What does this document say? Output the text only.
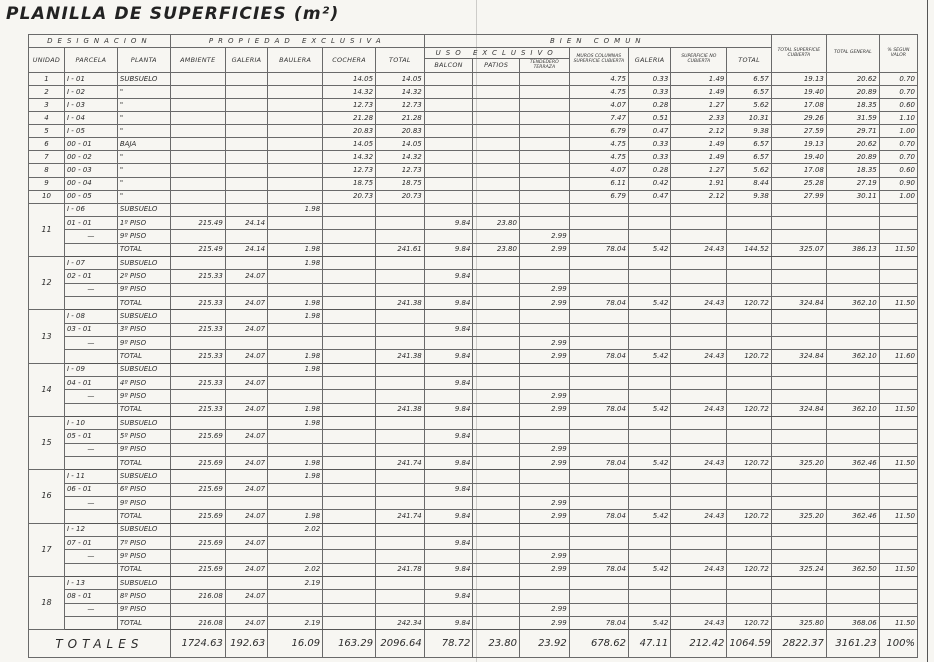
PLANILLA DE SUPERFICIES (m²)
DESIGNACION			PROPIEDAD EXCLUSIVA					BIEN COMUN							TOTAL SUPERFICIE CUBIERTA	TOTAL GENERAL	% SEGUN VALOR
UNIDAD	PARCELA	PLANTA	AMBIENTE	GALERIA	BAULERA	COCHERA	TOTAL	USO EXCLUSIVO			MUROS COLUMNAS SUPERFICIE CUBIERTA	GALERIA	SUPERFICIE NO CUBIERTA	TOTAL			
								BALCON	PATIOS	TENDEDERO TERRAZA							
1	I - 01	SUBSUELO				14.05	14.05				4.75	0.33	1.49	6.57	19.13	20.62	0.70
2	I - 02	"				14.32	14.32				4.75	0.33	1.49	6.57	19.40	20.89	0.70
3	I - 03	"				12.73	12.73				4.07	0.28	1.27	5.62	17.08	18.35	0.60
4	I - 04	"				21.28	21.28				7.47	0.51	2.33	10.31	29.26	31.59	1.10
5	I - 05	"				20.83	20.83				6.79	0.47	2.12	9.38	27.59	29.71	1.00
6	00 - 01	BAJA				14.05	14.05				4.75	0.33	1.49	6.57	19.13	20.62	0.70
7	00 - 02	"				14.32	14.32				4.75	0.33	1.49	6.57	19.40	20.89	0.70
8	00 - 03	"				12.73	12.73				4.07	0.28	1.27	5.62	17.08	18.35	0.60
9	00 - 04	"				18.75	18.75				6.11	0.42	1.91	8.44	25.28	27.19	0.90
10	00 - 05	"				20.73	20.73				6.79	0.47	2.12	9.38	27.99	30.11	1.00
11	I - 06	SUBSUELO			1.98												
	01 - 01	1º PISO	215.49	24.14				9.84	23.80								
	—	9º PISO								2.99							
		TOTAL	215.49	24.14	1.98		241.61	9.84	23.80	2.99	78.04	5.42	24.43	144.52	325.07	386.13	11.50
12	I - 07	SUBSUELO			1.98												
	02 - 01	2º PISO	215.33	24.07				9.84									
	—	9º PISO								2.99							
		TOTAL	215.33	24.07	1.98		241.38	9.84		2.99	78.04	5.42	24.43	120.72	324.84	362.10	11.50
13	I - 08	SUBSUELO			1.98												
	03 - 01	3º PISO	215.33	24.07				9.84									
	—	9º PISO								2.99							
		TOTAL	215.33	24.07	1.98		241.38	9.84		2.99	78.04	5.42	24.43	120.72	324.84	362.10	11.60
14	I - 09	SUBSUELO			1.98												
	04 - 01	4º PISO	215.33	24.07				9.84									
	—	9º PISO								2.99							
		TOTAL	215.33	24.07	1.98		241.38	9.84		2.99	78.04	5.42	24.43	120.72	324.84	362.10	11.50
15	I - 10	SUBSUELO			1.98												
	05 - 01	5º PISO	215.69	24.07				9.84									
	—	9º PISO								2.99							
		TOTAL	215.69	24.07	1.98		241.74	9.84		2.99	78.04	5.42	24.43	120.72	325.20	362.46	11.50
16	I - 11	SUBSUELO			1.98												
	06 - 01	6º PISO	215.69	24.07				9.84									
	—	9º PISO								2.99							
		TOTAL	215.69	24.07	1.98		241.74	9.84		2.99	78.04	5.42	24.43	120.72	325.20	362.46	11.50
17	I - 12	SUBSUELO			2.02												
	07 - 01	7º PISO	215.69	24.07				9.84									
	—	9º PISO								2.99							
		TOTAL	215.69	24.07	2.02		241.78	9.84		2.99	78.04	5.42	24.43	120.72	325.24	362.50	11.50
18	I - 13	SUBSUELO			2.19												
	08 - 01	8º PISO	216.08	24.07				9.84									
	—	9º PISO								2.99							
		TOTAL	216.08	24.07	2.19		242.34	9.84		2.99	78.04	5.42	24.43	120.72	325.80	368.06	11.50
TOTALES			1724.63	192.63	16.09	163.29	2096.64	78.72	23.80	23.92	678.62	47.11	212.42	1064.59	2822.37	3161.23	100%
